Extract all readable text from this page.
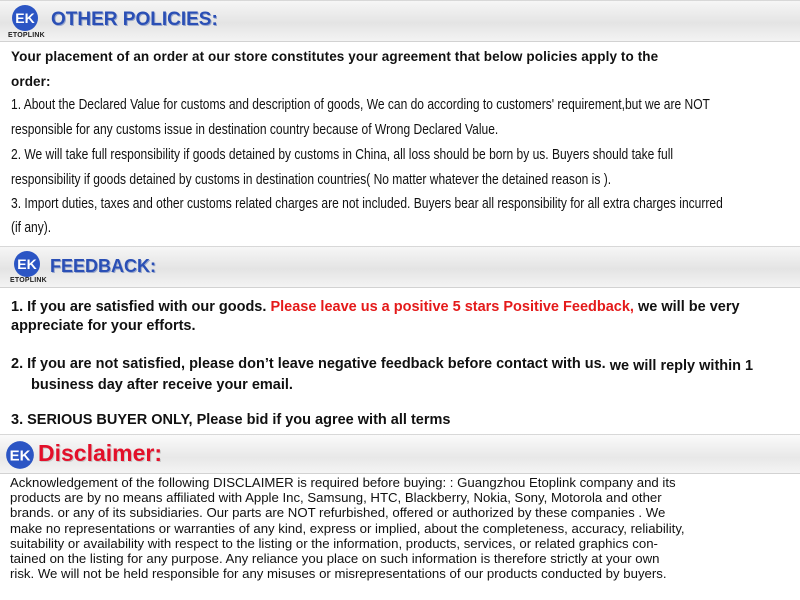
EK
ETOPLINK
OTHER POLICIES:
Your placement of an order at our store constitutes your agreement that below policies apply to the
order:
1. About the Declared Value for customs and description of goods, We can do according to customers' requirement,but we are NOT
responsible for any customs issue in destination country because of Wrong Declared Value.
2. We will take full responsibility if goods detained by customs in China, all loss should be born by us. Buyers should take full
responsibility if goods detained by customs in destination countries( No matter whatever the detained reason is ).
3. Import duties, taxes and other customs related charges are not included. Buyers bear all responsibility for all extra charges incurred
(if any).
EK
ETOPLINK
FEEDBACK:
1. If you are satisfied with our goods. Please leave us a positive 5 stars Positive Feedback, we will be very
appreciate for your efforts.
2. If you are not satisfied, please don’t leave negative feedback before contact with us. we will reply within 1
business day after receive your email.
3. SERIOUS BUYER ONLY, Please bid if you agree with all terms
EK Disclaimer:
Acknowledgement of the following DISCLAIMER is required before buying: : Guangzhou Etoplink company and its
products are by no means affiliated with Apple Inc, Samsung, HTC, Blackberry, Nokia, Sony, Motorola and other
brands. or any of its subsidiaries. Our parts are NOT refurbished, offered or authorized by these companies . We
make no representations or warranties of any kind, express or implied, about the completeness, accuracy, reliability,
suitability or availability with respect to the listing or the information, products, services, or related graphics con-
tained on the listing for any purpose. Any reliance you place on such information is therefore strictly at your own
risk. We will not be held responsible for any misuses or misrepresentations of our products conducted by buyers.
